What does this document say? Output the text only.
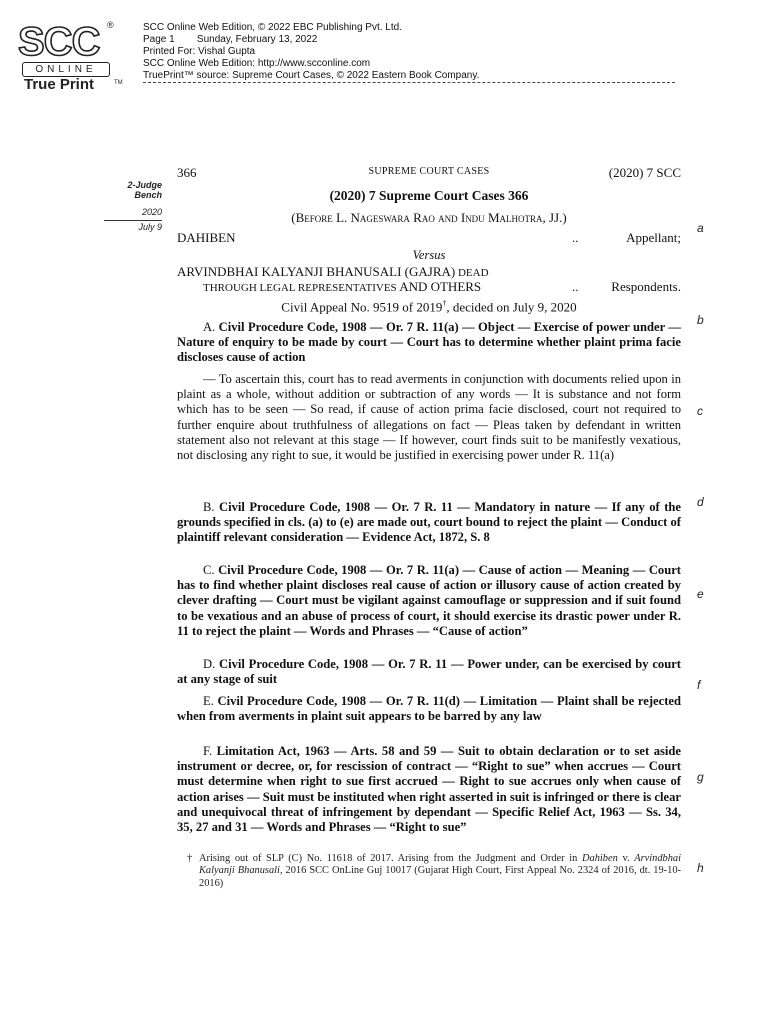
SCC ®
ONLINE
True Print	TM
SCC Online Web Edition, © 2022 EBC Publishing Pvt. Ltd.
Page 1        Sunday, February 13, 2022
Printed For: Vishal Gupta
SCC Online Web Edition: http://www.scconline.com
TruePrint™ source: Supreme Court Cases, © 2022 Eastern Book Company.
2-Judge
Bench
2020
July 9	a
b
c
d
e
f
g
h
366	SUPREME COURT CASES	(2020) 7 SCC
(2020) 7 Supreme Court Cases 366
(Before L. Nageswara Rao and Indu Malhotra, JJ.)
DAHIBEN	..	Appellant;
Versus
ARVINDBHAI KALYANJI BHANUSALI (GAJRA) DEAD
THROUGH LEGAL REPRESENTATIVES AND OTHERS	..	Respondents.
Civil Appeal No. 9519 of 2019†, decided on July 9, 2020

A. Civil Procedure Code, 1908 — Or. 7 R. 11(a) — Object — Exercise of power under — Nature of enquiry to be made by court — Court has to determine whether plaint prima facie discloses cause of action

— To ascertain this, court has to read averments in conjunction with documents relied upon in plaint as a whole, without addition or subtraction of any words — It is substance and not form which has to be seen — So read, if cause of action prima facie disclosed, court not required to further enquire about truthfulness of allegations on fact — Pleas taken by defendant in written statement also not relevant at this stage — If however, court finds suit to be manifestly vexatious, not disclosing any right to sue, it would be justified in exercising power under R. 11(a)

B. Civil Procedure Code, 1908 — Or. 7 R. 11 — Mandatory in nature — If any of the grounds specified in cls. (a) to (e) are made out, court bound to reject the plaint — Conduct of plaintiff relevant consideration — Evidence Act, 1872, S. 8

C. Civil Procedure Code, 1908 — Or. 7 R. 11(a) — Cause of action — Meaning — Court has to find whether plaint discloses real cause of action or illusory cause of action created by clever drafting — Court must be vigilant against camouflage or suppression and if suit found to be vexatious and an abuse of process of court, it should exercise its drastic power under R. 11 to reject the plaint — Words and Phrases — “Cause of action”

D. Civil Procedure Code, 1908 — Or. 7 R. 11 — Power under, can be exercised by court at any stage of suit

E. Civil Procedure Code, 1908 — Or. 7 R. 11(d) — Limitation — Plaint shall be rejected when from averments in plaint suit appears to be barred by any law

F. Limitation Act, 1963 — Arts. 58 and 59 — Suit to obtain declaration or to set aside instrument or decree, or, for rescission of contract — “Right to sue” when accrues — Court must determine when right to sue first accrued — Right to sue accrues only when cause of action arises — Suit must be instituted when right asserted in suit is infringed or there is clear and unequivocal threat of infringement by dependant — Specific Relief Act, 1963 — Ss. 34, 35, 27 and 31 — Words and Phrases — “Right to sue”

† Arising out of SLP (C) No. 11618 of 2017. Arising from the Judgment and Order in Dahiben v. Arvindbhai Kalyanji Bhanusali, 2016 SCC OnLine Guj 10017 (Gujarat High Court, First Appeal No. 2324 of 2016, dt. 19-10-2016)
